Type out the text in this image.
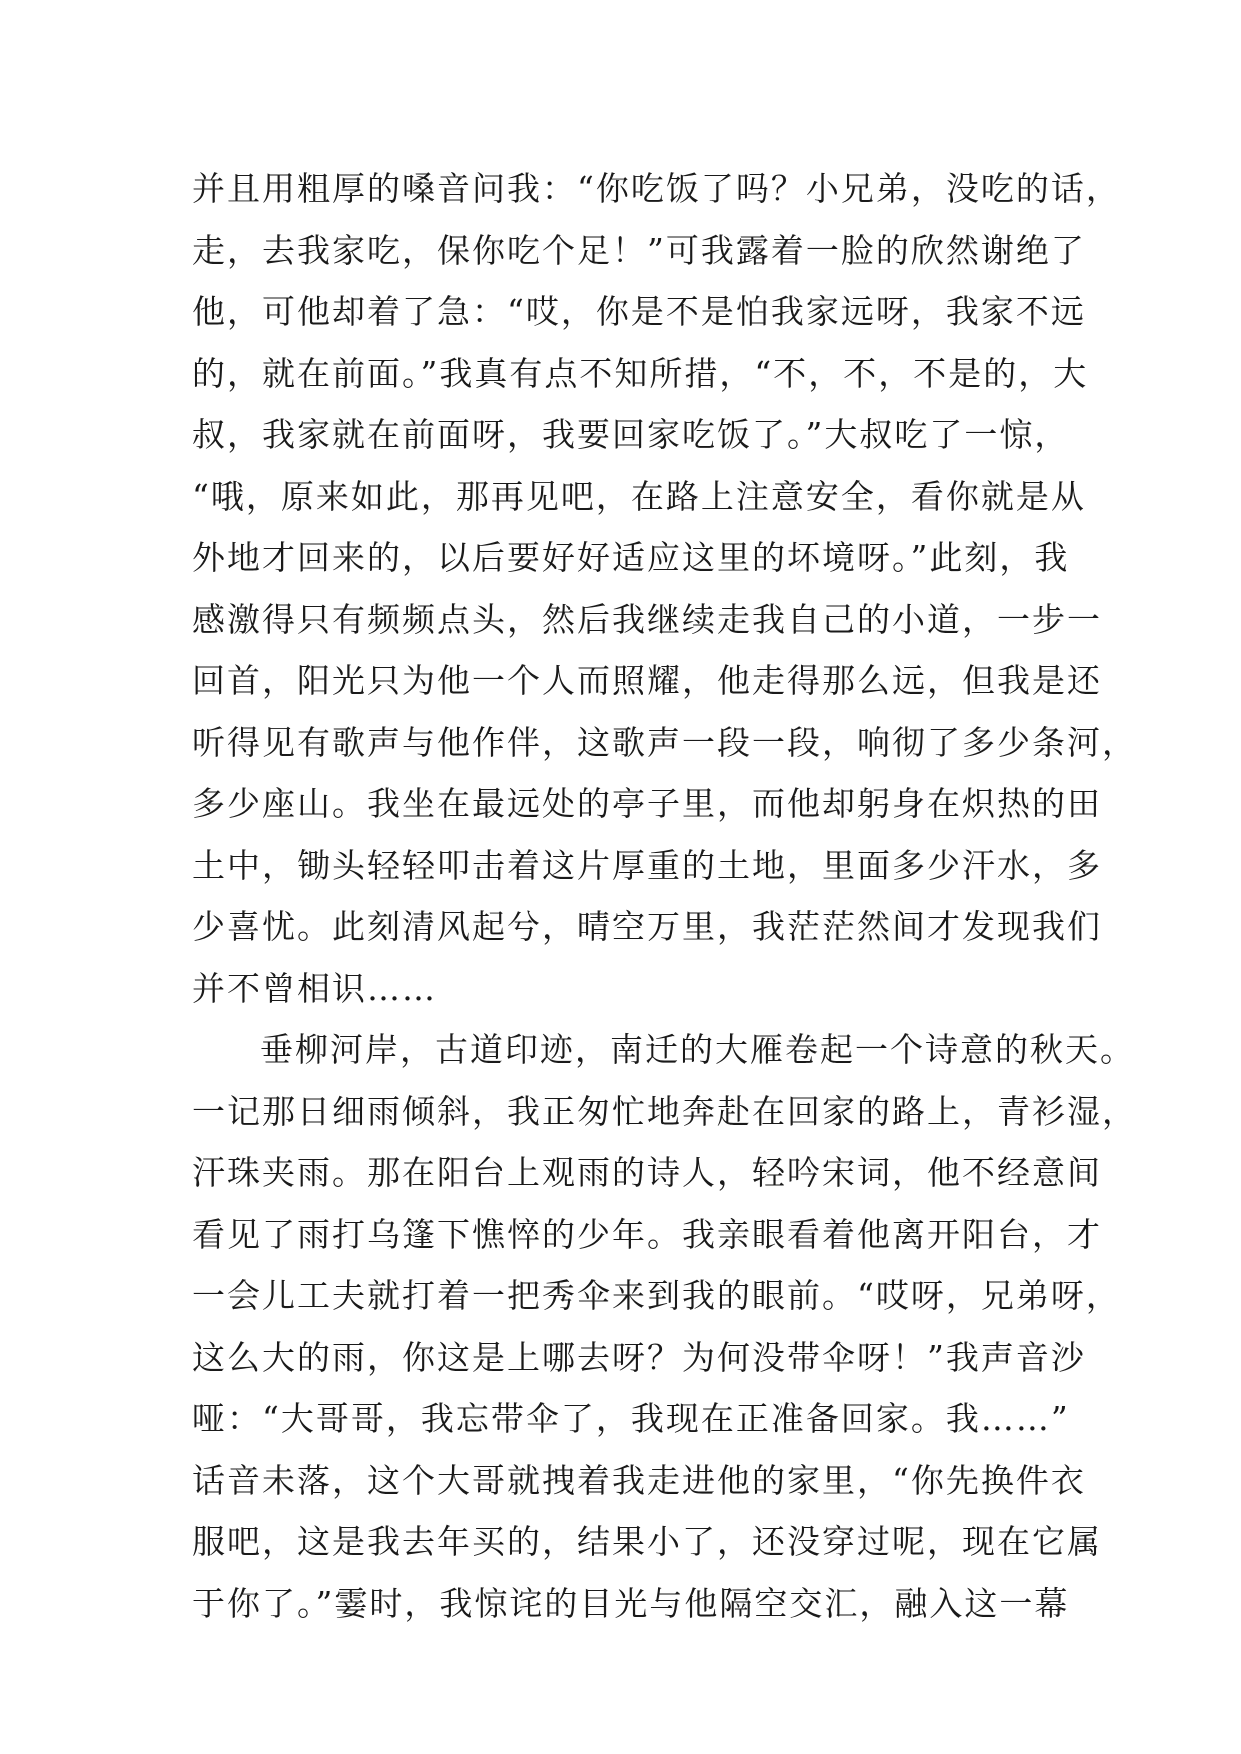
并且用粗厚的嗓音问我：“你吃饭了吗？小兄弟，没吃的话，
走，去我家吃，保你吃个足！”可我露着一脸的欣然谢绝了
他，可他却着了急：“哎，你是不是怕我家远呀，我家不远
的，就在前面。”我真有点不知所措，“不，不，不是的，大
叔，我家就在前面呀，我要回家吃饭了。”大叔吃了一惊，
“哦，原来如此，那再见吧，在路上注意安全，看你就是从
外地才回来的，以后要好好适应这里的坏境呀。”此刻，我
感激得只有频频点头，然后我继续走我自己的小道，一步一
回首，阳光只为他一个人而照耀，他走得那么远，但我是还
听得见有歌声与他作伴，这歌声一段一段，响彻了多少条河，
多少座山。我坐在最远处的亭子里，而他却躬身在炽热的田
土中，锄头轻轻叩击着这片厚重的土地，里面多少汗水，多
少喜忧。此刻清风起兮，晴空万里，我茫茫然间才发现我们
并不曾相识……
垂柳河岸，古道印迹，南迁的大雁卷起一个诗意的秋天。
一记那日细雨倾斜，我正匆忙地奔赴在回家的路上，青衫湿，
汗珠夹雨。那在阳台上观雨的诗人，轻吟宋词，他不经意间
看见了雨打乌篷下憔悴的少年。我亲眼看着他离开阳台，才
一会儿工夫就打着一把秀伞来到我的眼前。“哎呀，兄弟呀，
这么大的雨，你这是上哪去呀？为何没带伞呀！”我声音沙
哑：“大哥哥，我忘带伞了，我现在正准备回家。我……”
话音未落，这个大哥就拽着我走进他的家里，“你先换件衣
服吧，这是我去年买的，结果小了，还没穿过呢，现在它属
于你了。”霎时，我惊诧的目光与他隔空交汇，融入这一幕
